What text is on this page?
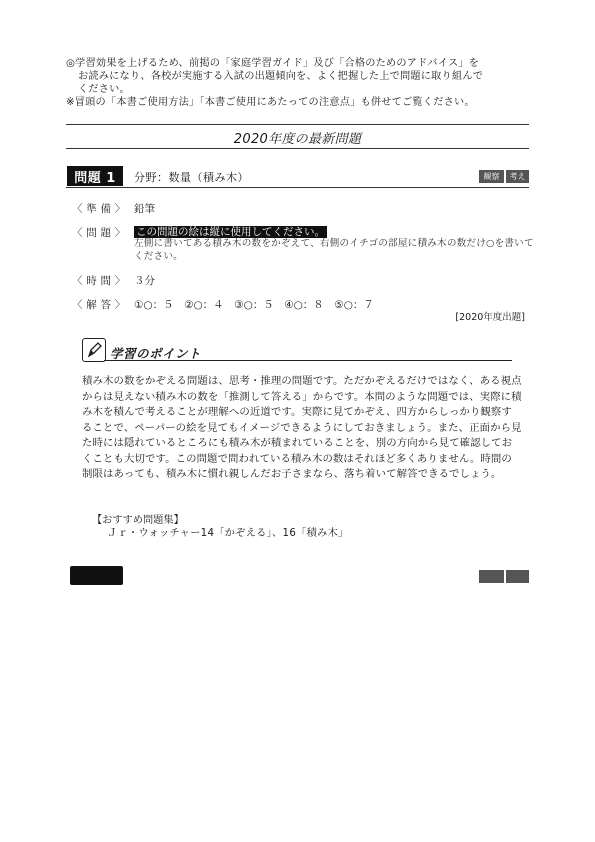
◎学習効果を上げるため、前掲の「家庭学習ガイド」及び「合格のためのアドバイス」を
お読みになり、各校が実施する入試の出題傾向を、よく把握した上で問題に取り組んで
ください。
※冒頭の「本書ご使用方法」「本書ご使用にあたっての注意点」も併せてご覧ください。
2020年度の最新問題
問題 1	分野：数量（積み木）	観察	考え
〈 準 備 〉 鉛筆
〈 問 題 〉 この問題の絵は縦に使用してください。
左側に書いてある積み木の数をかぞえて、右側のイチゴの部屋に積み木の数だけ○を書いてください。
〈 時 間 〉 ３分
〈 解 答 〉 ①○：５　②○：４　③○：５　④○：８　⑤○：７
[2020年度出題]
学習のポイント
積み木の数をかぞえる問題は、思考・推理の問題です。ただかぞえるだけではなく、ある視点からは見えない積み木の数を「推測して答える」からです。本問のような問題では、実際に積み木を積んで考えることが理解への近道です。実際に見てかぞえ、四方からしっかり観察することで、ペーパーの絵を見てもイメージできるようにしておきましょう。また、正面から見た時には隠れているところにも積み木が積まれていることを、別の方向から見て確認しておくことも大切です。この問題で問われている積み木の数はそれほど多くありません。時間の制限はあっても、積み木に慣れ親しんだお子さまなら、落ち着いて解答できるでしょう。
【おすすめ問題集】
Ｊｒ・ウォッチャー14「かぞえる」、16「積み木」
